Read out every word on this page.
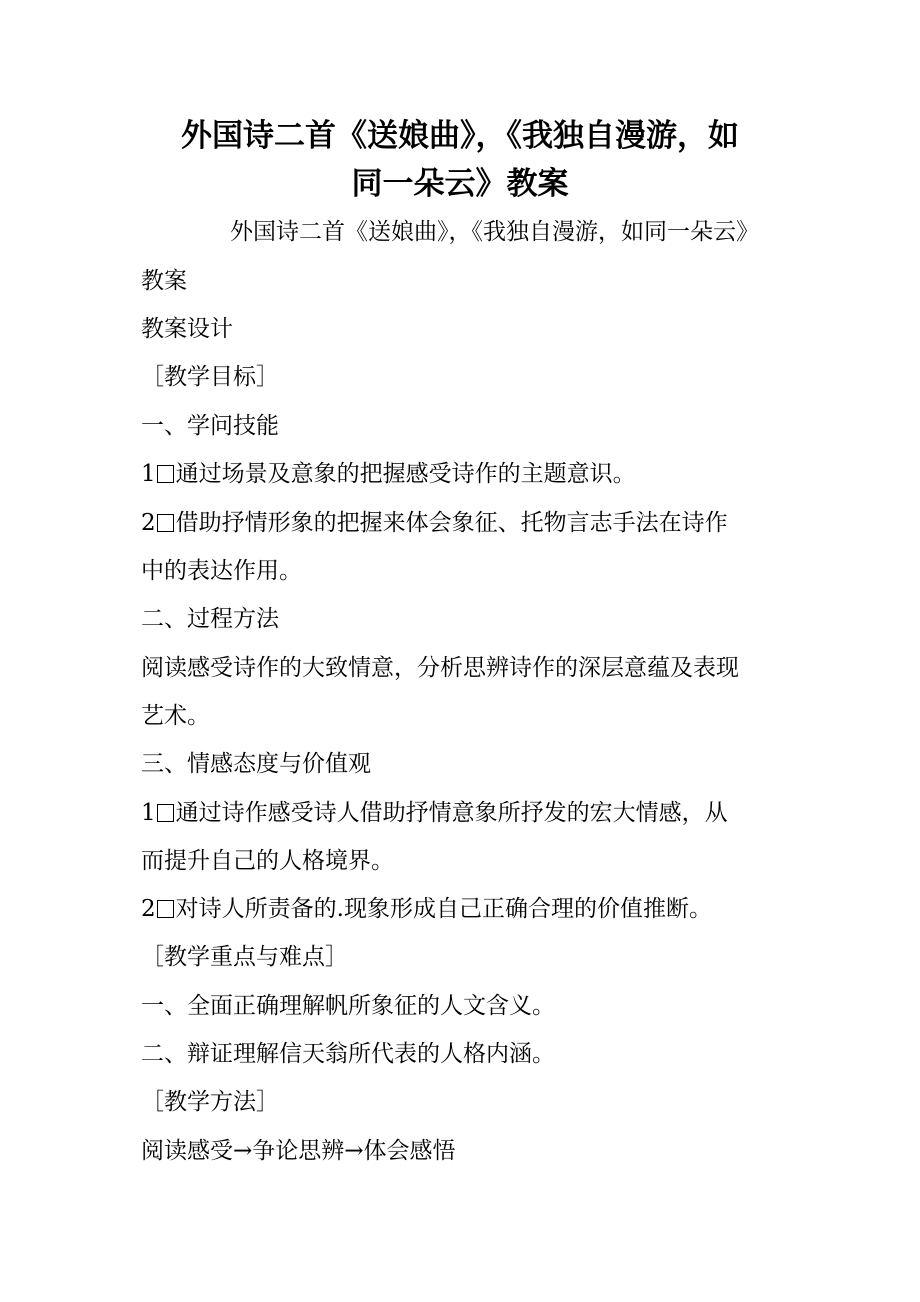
外国诗二首《送娘曲》，《我独自漫游，如
同一朵云》教案

外国诗二首《送娘曲》，《我独自漫游，如同一朵云》

教案

教案设计

［教学目标］

一、学问技能

1 通过场景及意象的把握感受诗作的主题意识。

2 借助抒情形象的把握来体会象征、托物言志手法在诗作

中的表达作用。

二、过程方法

阅读感受诗作的大致情意，分析思辨诗作的深层意蕴及表现

艺术。

三、情感态度与价值观

1 通过诗作感受诗人借助抒情意象所抒发的宏大情感，从

而提升自己的人格境界。

2 对诗人所责备的.现象形成自己正确合理的价值推断。

［教学重点与难点］

一、全面正确理解帆所象征的人文含义。

二、辩证理解信天翁所代表的人格内涵。

［教学方法］

阅读感受→争论思辨→体会感悟
